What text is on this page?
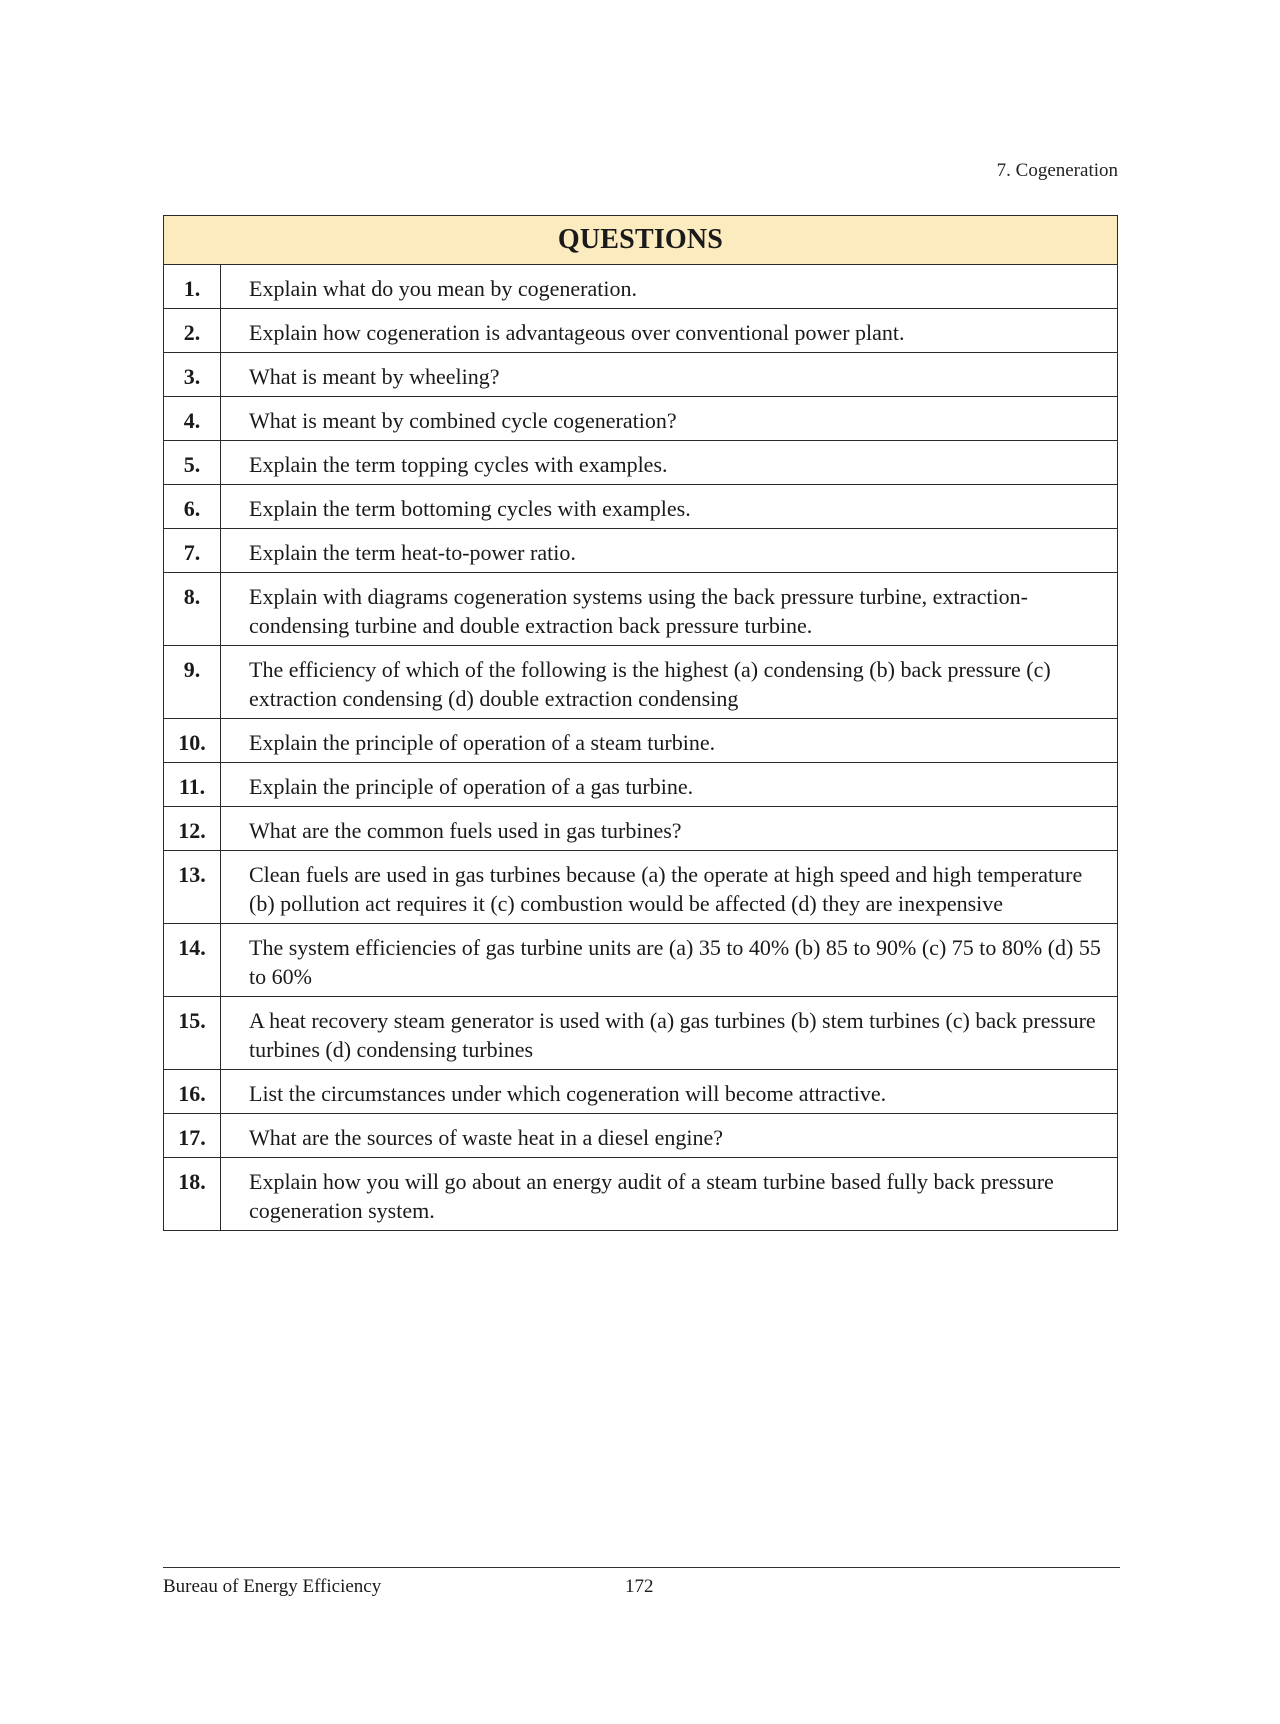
7. Cogeneration
QUESTIONS	
1.	Explain what do you mean by cogeneration.
2.	Explain how cogeneration is advantageous over conventional power plant.
3.	What is meant by wheeling?
4.	What is meant by combined cycle cogeneration?
5.	Explain the term topping cycles with examples.
6.	Explain the term bottoming cycles with examples.
7.	Explain the term heat-to-power ratio.
8.	Explain with diagrams cogeneration systems using the back pressure turbine, extraction-condensing turbine and double extraction back pressure turbine.
9.	The efficiency of which of the following is the highest (a) condensing (b) back pressure (c) extraction condensing (d) double extraction condensing
10.	Explain the principle of operation of a steam turbine.
11.	Explain the principle of operation of a gas turbine.
12.	What are the common fuels used in gas turbines?
13.	Clean fuels are used in gas turbines because (a) the operate at high speed and high temperature (b) pollution act requires it (c) combustion would be affected (d) they are inexpensive
14.	The system efficiencies of gas turbine units are (a) 35 to 40% (b) 85 to 90% (c) 75 to 80% (d) 55 to 60%
15.	A heat recovery steam generator is used with (a) gas turbines (b) stem turbines (c) back pressure turbines (d) condensing turbines
16.	List the circumstances under which cogeneration will become attractive.
17.	What are the sources of waste heat in a diesel engine?
18.	Explain how you will go about an energy audit of a steam turbine based fully back pressure cogeneration system.
Bureau of Energy Efficiency	172
